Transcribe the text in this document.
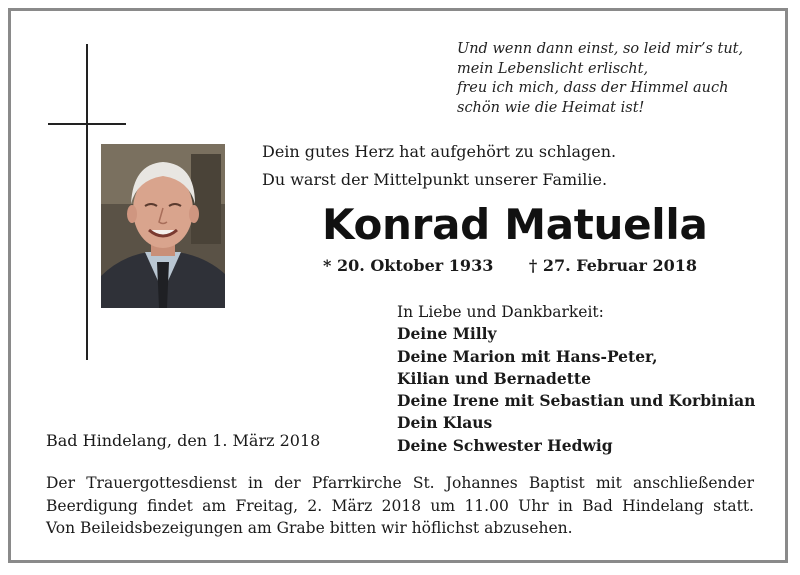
Und wenn dann einst, so leid mir’s tut,
mein Lebenslicht erlischt,
freu ich mich, dass der Himmel auch
schön wie die Heimat ist!
Dein gutes Herz hat aufgehört zu schlagen.
Du warst der Mittelpunkt unserer Familie.
Konrad Matuella
* 20. Oktober 1933 † 27. Februar 2018
In Liebe und Dankbarkeit:
Deine Milly
Deine Marion mit Hans-Peter,
Kilian und Bernadette
Deine Irene mit Sebastian und Korbinian
Dein Klaus
Deine Schwester Hedwig
Bad Hindelang, den 1. März 2018
Der Trauergottesdienst in der Pfarrkirche St. Johannes Baptist mit anschließender
Beerdigung findet am Freitag, 2. März 2018 um 11.00 Uhr in Bad Hindelang statt.
Von Beileidsbezeigungen am Grabe bitten wir höflichst abzusehen.
